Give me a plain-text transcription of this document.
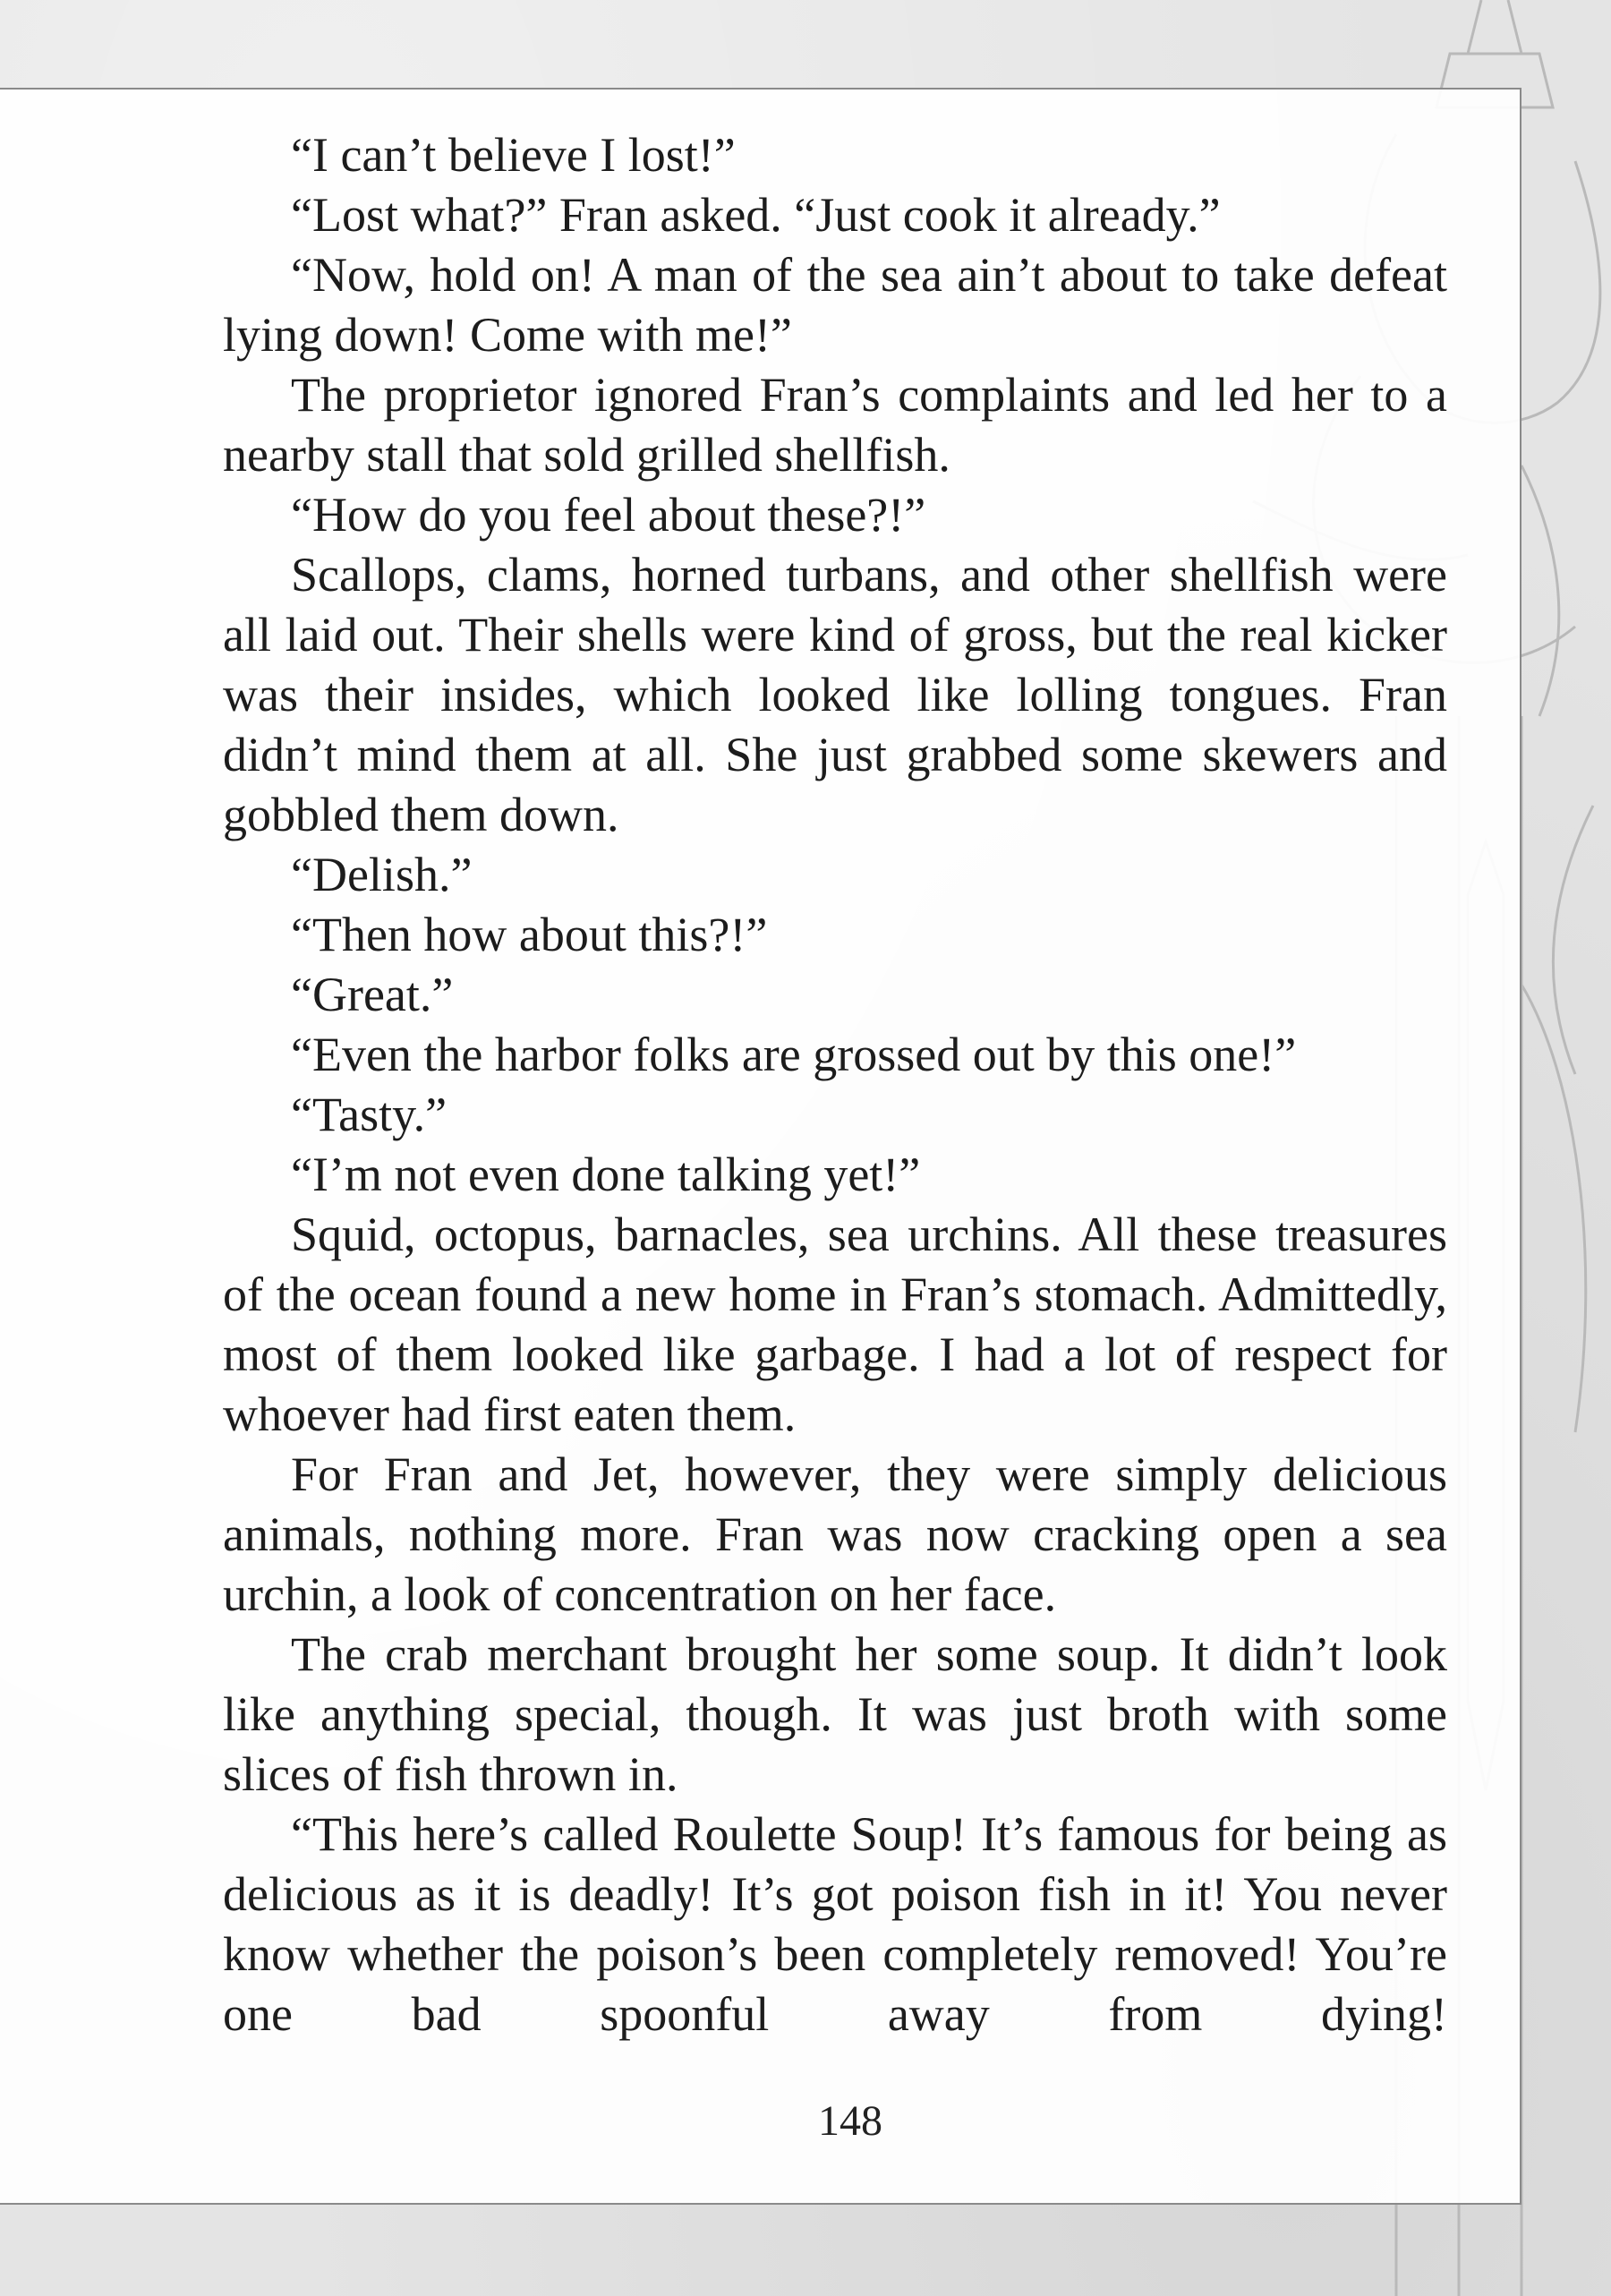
“I can’t believe I lost!”

“Lost what?” Fran asked. “Just cook it already.”

“Now, hold on! A man of the sea ain’t about to take defeat lying down! Come with me!”

The proprietor ignored Fran’s complaints and led her to a nearby stall that sold grilled shellfish.

“How do you feel about these?!”

Scallops, clams, horned turbans, and other shellfish were all laid out. Their shells were kind of gross, but the real kicker was their insides, which looked like lolling tongues. Fran didn’t mind them at all. She just grabbed some skewers and gobbled them down.

“Delish.”

“Then how about this?!”

“Great.”

“Even the harbor folks are grossed out by this one!”

“Tasty.”

“I’m not even done talking yet!”

Squid, octopus, barnacles, sea urchins. All these treasures of the ocean found a new home in Fran’s stomach. Admittedly, most of them looked like garbage. I had a lot of respect for whoever had first eaten them.

For Fran and Jet, however, they were simply delicious animals, nothing more. Fran was now cracking open a sea urchin, a look of concentration on her face.

The crab merchant brought her some soup. It didn’t look like anything special, though. It was just broth with some slices of fish thrown in.

“This here’s called Roulette Soup! It’s famous for being as delicious as it is deadly! It’s got poison fish in it! You never know whether the poison’s been completely removed! You’re one bad spoonful away from dying!

148
